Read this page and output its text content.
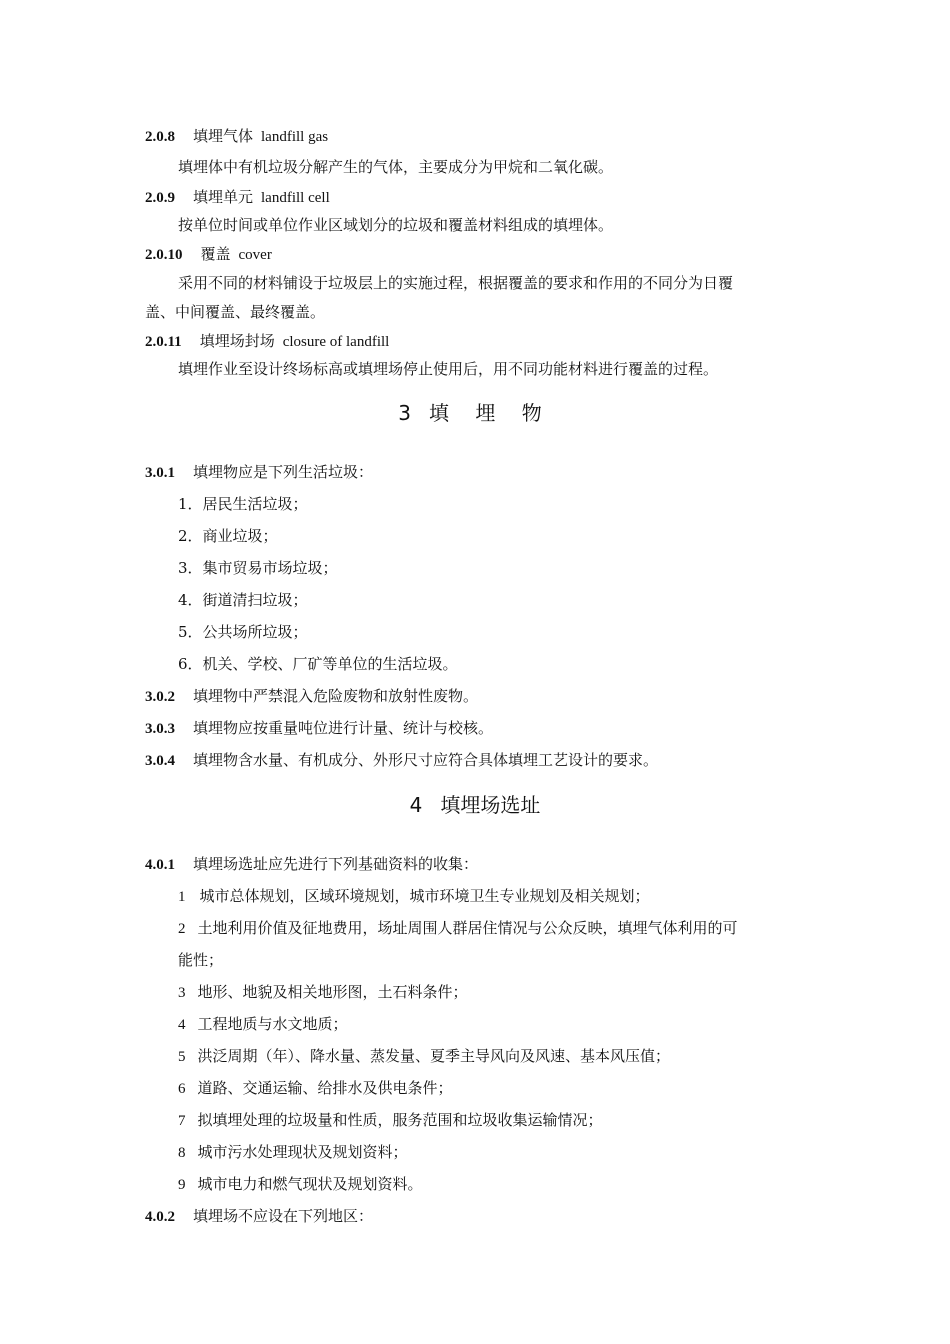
2.0.8 填埋气体 landfill gas
填埋体中有机垃圾分解产生的气体，主要成分为甲烷和二氧化碳。
2.0.9 填埋单元 landfill cell
按单位时间或单位作业区域划分的垃圾和覆盖材料组成的填埋体。
2.0.10 覆盖 cover
采用不同的材料铺设于垃圾层上的实施过程，根据覆盖的要求和作用的不同分为日覆
盖、中间覆盖、最终覆盖。
2.0.11 填埋场封场 closure of landfill
填埋作业至设计终场标高或填埋场停止使用后，用不同功能材料进行覆盖的过程。
3 填 埋 物
3.0.1 填埋物应是下列生活垃圾：
1．居民生活垃圾；
2．商业垃圾；
3．集市贸易市场垃圾；
4．街道清扫垃圾；
5．公共场所垃圾；
6．机关、学校、厂矿等单位的生活垃圾。
3.0.2 填埋物中严禁混入危险废物和放射性废物。
3.0.3 填埋物应按重量吨位进行计量、统计与校核。
3.0.4 填埋物含水量、有机成分、外形尺寸应符合具体填埋工艺设计的要求。
4 填埋场选址
4.0.1 填埋场选址应先进行下列基础资料的收集：
1 城市总体规划，区域环境规划，城市环境卫生专业规划及相关规划；
2 土地利用价值及征地费用，场址周围人群居住情况与公众反映，填埋气体利用的可
能性；
3 地形、地貌及相关地形图，土石料条件；
4 工程地质与水文地质；
5 洪泛周期（年）、降水量、蒸发量、夏季主导风向及风速、基本风压值；
6 道路、交通运输、给排水及供电条件；
7 拟填埋处理的垃圾量和性质，服务范围和垃圾收集运输情况；
8 城市污水处理现状及规划资料；
9 城市电力和燃气现状及规划资料。
4.0.2 填埋场不应设在下列地区：
